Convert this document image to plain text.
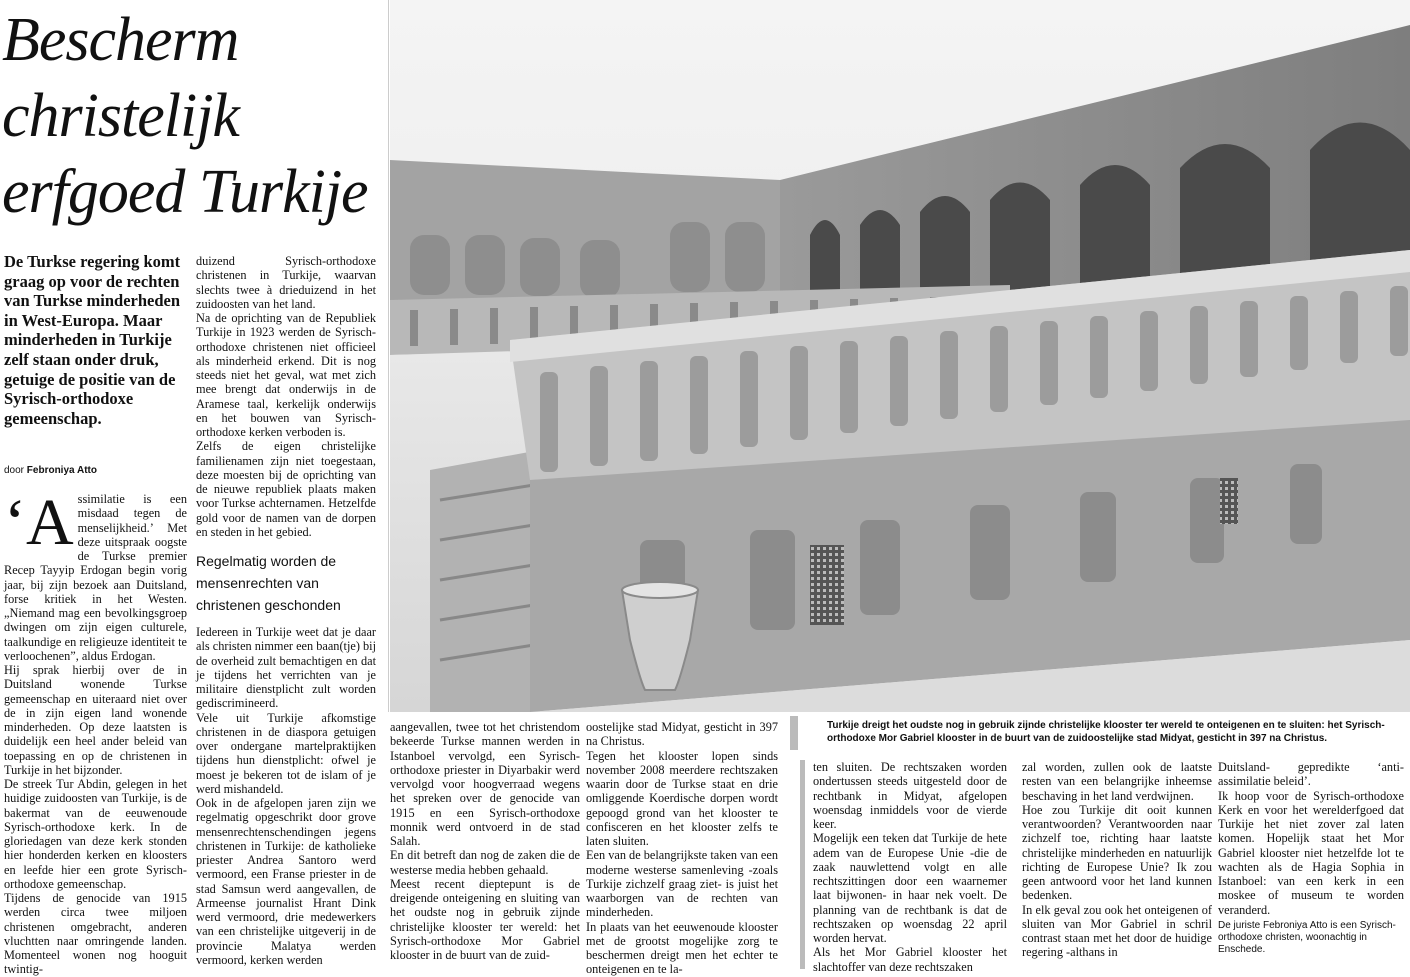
Bescherm
christelijk
erfgoed Turkije

De Turkse regering komt graag op voor de rechten van Turkse minderheden in West-Europa. Maar minderheden in Turkije zelf staan onder druk, getuige de positie van de Syrisch-orthodoxe gemeenschap.

door Febroniya Atto

‘Assimilatie is een misdaad tegen de menselijkheid.’ Met deze uitspraak oogste de Turkse premier Recep Tayyip Erdogan begin vorig jaar, bij zijn bezoek aan Duitsland, forse kritiek in het Westen. „Niemand mag een bevolkingsgroep dwingen om zijn eigen culturele, taalkundige en religieuze identiteit te verloochenen”, aldus Erdogan.

Hij sprak hierbij over de in Duitsland wonende Turkse gemeenschap en uiteraard niet over de in zijn eigen land wonende minderheden. Op deze laatsten is duidelijk een heel ander beleid van toepassing en op de christenen in Turkije in het bijzonder.

De streek Tur Abdin, gelegen in het huidige zuidoosten van Turkije, is de bakermat van de eeuwenoude Syrisch-orthodoxe kerk. In de gloriedagen van deze kerk stonden hier honderden kerken en kloosters en leefde hier een grote Syrisch-orthodoxe gemeenschap.

Tijdens de genocide van 1915 werden circa twee miljoen christenen omgebracht, anderen vluchtten naar omringende landen. Momenteel wonen nog hooguit twintig-

duizend Syrisch-orthodoxe christenen in Turkije, waarvan slechts twee à drieduizend in het zuidoosten van het land.

Na de oprichting van de Republiek Turkije in 1923 werden de Syrisch-orthodoxe christenen niet officieel als minderheid erkend. Dit is nog steeds niet het geval, wat met zich mee brengt dat onderwijs in de Aramese taal, kerkelijk onderwijs en het bouwen van Syrisch-orthodoxe kerken verboden is.

Zelfs de eigen christelijke familienamen zijn niet toegestaan, deze moesten bij de oprichting van de nieuwe republiek plaats maken voor Turkse achternamen. Hetzelfde gold voor de namen van de dorpen en steden in het gebied.

Regelmatig worden de mensenrechten van christenen geschonden

Iedereen in Turkije weet dat je daar als christen nimmer een baan(tje) bij de overheid zult bemachtigen en dat je tijdens het verrichten van je militaire dienstplicht zult worden gediscrimineerd.

Vele uit Turkije afkomstige christenen in de diaspora getuigen over ondergane martelpraktijken tijdens hun dienstplicht: ofwel je moest je bekeren tot de islam of je werd mishandeld.

Ook in de afgelopen jaren zijn we regelmatig opgeschrikt door grove mensenrechtenschendingen jegens christenen in Turkije: de katholieke priester Andrea Santoro werd vermoord, een Franse priester in de stad Samsun werd aangevallen, de Armeense journalist Hrant Dink werd vermoord, drie medewerkers van een christelijke uitgeverij in de provincie Malatya werden vermoord, kerken werden

Turkije dreigt het oudste nog in gebruik zijnde christelijke klooster ter wereld te onteigenen en te sluiten: het Syrisch-orthodoxe Mor Gabriel klooster in de buurt van de zuidoostelijke stad Midyat, gesticht in 397 na Christus.

aangevallen, twee tot het christendom bekeerde Turkse mannen werden in Istanboel vervolgd, een Syrisch-orthodoxe priester in Diyarbakir werd vervolgd voor hoogverraad wegens het spreken over de genocide van 1915 en een Syrisch-orthodoxe monnik werd ontvoerd in de stad Salah.

En dit betreft dan nog de zaken die de westerse media hebben gehaald.

Meest recent dieptepunt is de dreigende onteigening en sluiting van het oudste nog in gebruik zijnde christelijke klooster ter wereld: het Syrisch-orthodoxe Mor Gabriel klooster in de buurt van de zuid-

oostelijke stad Midyat, gesticht in 397 na Christus.

Tegen het klooster lopen sinds november 2008 meerdere rechtszaken waarin door de Turkse staat en drie omliggende Koerdische dorpen wordt gepoogd grond van het klooster te confisceren en het klooster zelfs te laten sluiten.

Een van de belangrijkste taken van een moderne westerse samenleving -zoals Turkije zichzelf graag ziet- is juist het waarborgen van de rechten van minderheden.

In plaats van het eeuwenoude klooster met de grootst mogelijke zorg te beschermen dreigt men het echter te onteigenen en te la-

ten sluiten. De rechtszaken worden ondertussen steeds uitgesteld door de rechtbank in Midyat, afgelopen woensdag inmiddels voor de vierde keer.

Mogelijk een teken dat Turkije de hete adem van de Europese Unie -die de zaak nauwlettend volgt en alle rechtszittingen door een waarnemer laat bijwonen- in haar nek voelt. De planning van de rechtbank is dat de rechtszaken op woensdag 22 april worden hervat.

Als het Mor Gabriel klooster het slachtoffer van deze rechtszaken

zal worden, zullen ook de laatste resten van een belangrijke inheemse beschaving in het land verdwijnen.

Hoe zou Turkije dit ooit kunnen verantwoorden? Verantwoorden naar zichzelf toe, richting haar laatste christelijke minderheden en natuurlijk richting de Europese Unie? Ik zou geen antwoord voor het land kunnen bedenken.

In elk geval zou ook het onteigenen of sluiten van Mor Gabriel in schril contrast staan met het door de huidige regering -althans in

Duitsland- gepredikte ‘anti-assimilatie beleid’.

Ik hoop voor de Syrisch-orthodoxe Kerk en voor het werelderfgoed dat Turkije het niet zover zal laten komen. Hopelijk staat het Mor Gabriel klooster niet hetzelfde lot te wachten als de Hagia Sophia in Istanboel: van een kerk in een moskee of museum te worden veranderd.

De juriste Febroniya Atto is een Syrisch-orthodoxe christen, woonachtig in Enschede.
